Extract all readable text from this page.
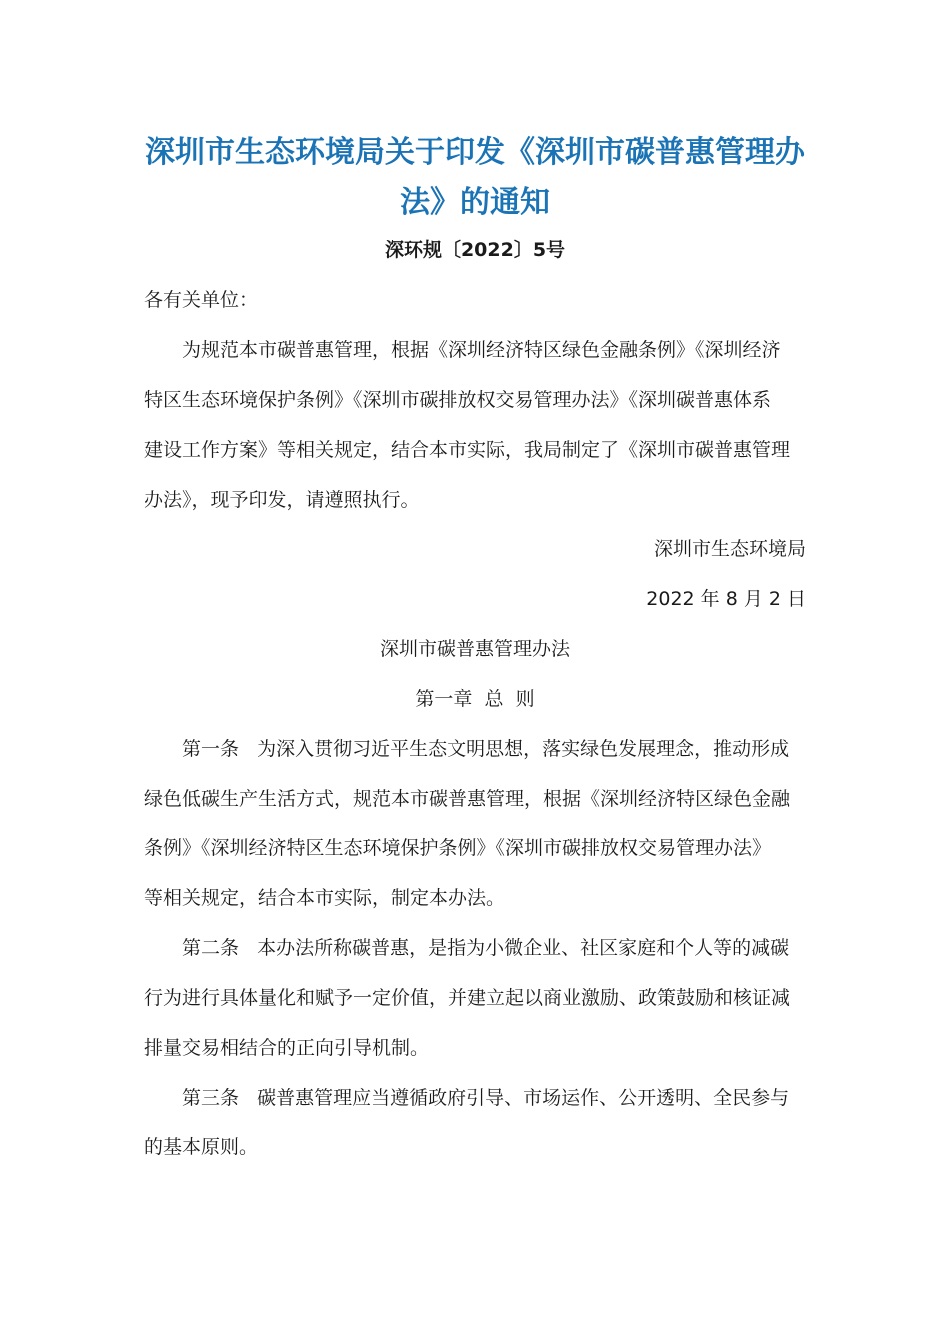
深圳市生态环境局关于印发《深圳市碳普惠管理办
法》的通知
深环规〔2022〕5号
各有关单位：
为规范本市碳普惠管理，根据《深圳经济特区绿色金融条例》《深圳经济
特区生态环境保护条例》《深圳市碳排放权交易管理办法》《深圳碳普惠体系
建设工作方案》等相关规定，结合本市实际，我局制定了《深圳市碳普惠管理
办法》，现予印发，请遵照执行。
深圳市生态环境局
2022 年 8 月 2 日
深圳市碳普惠管理办法
第一章  总  则
第一条   为深入贯彻习近平生态文明思想，落实绿色发展理念，推动形成
绿色低碳生产生活方式，规范本市碳普惠管理，根据《深圳经济特区绿色金融
条例》《深圳经济特区生态环境保护条例》《深圳市碳排放权交易管理办法》
等相关规定，结合本市实际，制定本办法。
第二条   本办法所称碳普惠，是指为小微企业、社区家庭和个人等的减碳
行为进行具体量化和赋予一定价值，并建立起以商业激励、政策鼓励和核证减
排量交易相结合的正向引导机制。
第三条   碳普惠管理应当遵循政府引导、市场运作、公开透明、全民参与
的基本原则。
